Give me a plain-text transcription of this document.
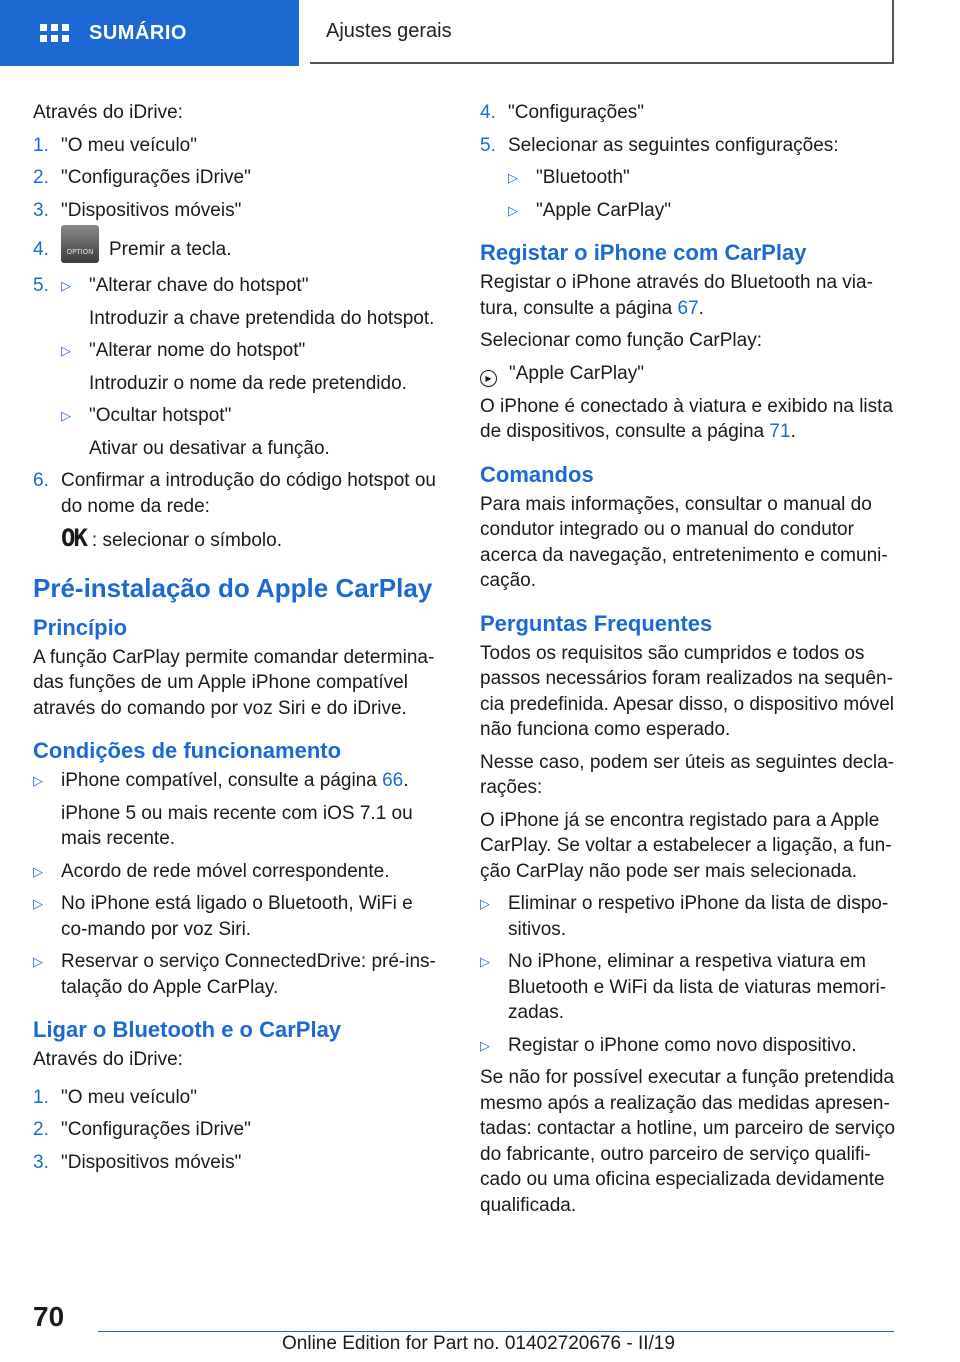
SUMÁRIO	Ajustes gerais

Através do iDrive:

1. "O meu veículo"
2. "Configurações iDrive"
3. "Dispositivos móveis"
4.
OPTION	Premir a tecla.
5. ▷ "Alterar chave do hotspot"

Introduzir a chave pretendida do hotspot.

▷ "Alterar nome do hotspot"

Introduzir o nome da rede pretendido.

▷ "Ocultar hotspot"

Ativar ou desativar a função.

6. Confirmar a introdução do código hotspot ou do nome da rede:

OK : selecionar o símbolo.

Pré-instalação do Apple CarPlay
Princípio

A função CarPlay permite comandar determina‐das funções de um Apple iPhone compatível através do comando por voz Siri e do iDrive.

Condições de funcionamento
▷ iPhone compatível, consulte a página 66.

iPhone 5 ou mais recente com iOS 7.1 ou mais recente.

▷ Acordo de rede móvel correspondente.
▷ No iPhone está ligado o Bluetooth, WiFi e co‐mando por voz Siri.
▷ Reservar o serviço ConnectedDrive: pré-ins‐talação do Apple CarPlay.
Ligar o Bluetooth e o CarPlay

Através do iDrive:

1. "O meu veículo"
2. "Configurações iDrive"
3. "Dispositivos móveis"
4. "Configurações"
5. Selecionar as seguintes configurações:
▷ "Bluetooth"
▷ "Apple CarPlay"
Registar o iPhone com CarPlay

Registar o iPhone através do Bluetooth na via‐tura, consulte a página 67.

Selecionar como função CarPlay:

▶ "Apple CarPlay"

O iPhone é conectado à viatura e exibido na lista de dispositivos, consulte a página 71.

Comandos

Para mais informações, consultar o manual do condutor integrado ou o manual do condutor acerca da navegação, entretenimento e comuni‐cação.

Perguntas Frequentes

Todos os requisitos são cumpridos e todos os passos necessários foram realizados na sequên‐cia predefinida. Apesar disso, o dispositivo móvel não funciona como esperado.

Nesse caso, podem ser úteis as seguintes decla‐rações:

O iPhone já se encontra registado para a Apple CarPlay. Se voltar a estabelecer a ligação, a fun‐ção CarPlay não pode ser mais selecionada.

▷ Eliminar o respetivo iPhone da lista de dispo‐sitivos.
▷ No iPhone, eliminar a respetiva viatura em Bluetooth e WiFi da lista de viaturas memori‐zadas.
▷ Registar o iPhone como novo dispositivo.

Se não for possível executar a função pretendida mesmo após a realização das medidas apresen‐tadas: contactar a hotline, um parceiro de serviço do fabricante, outro parceiro de serviço qualifi‐cado ou uma oficina especializada devidamente qualificada.

70
Online Edition for Part no. 01402720676 - II/19
